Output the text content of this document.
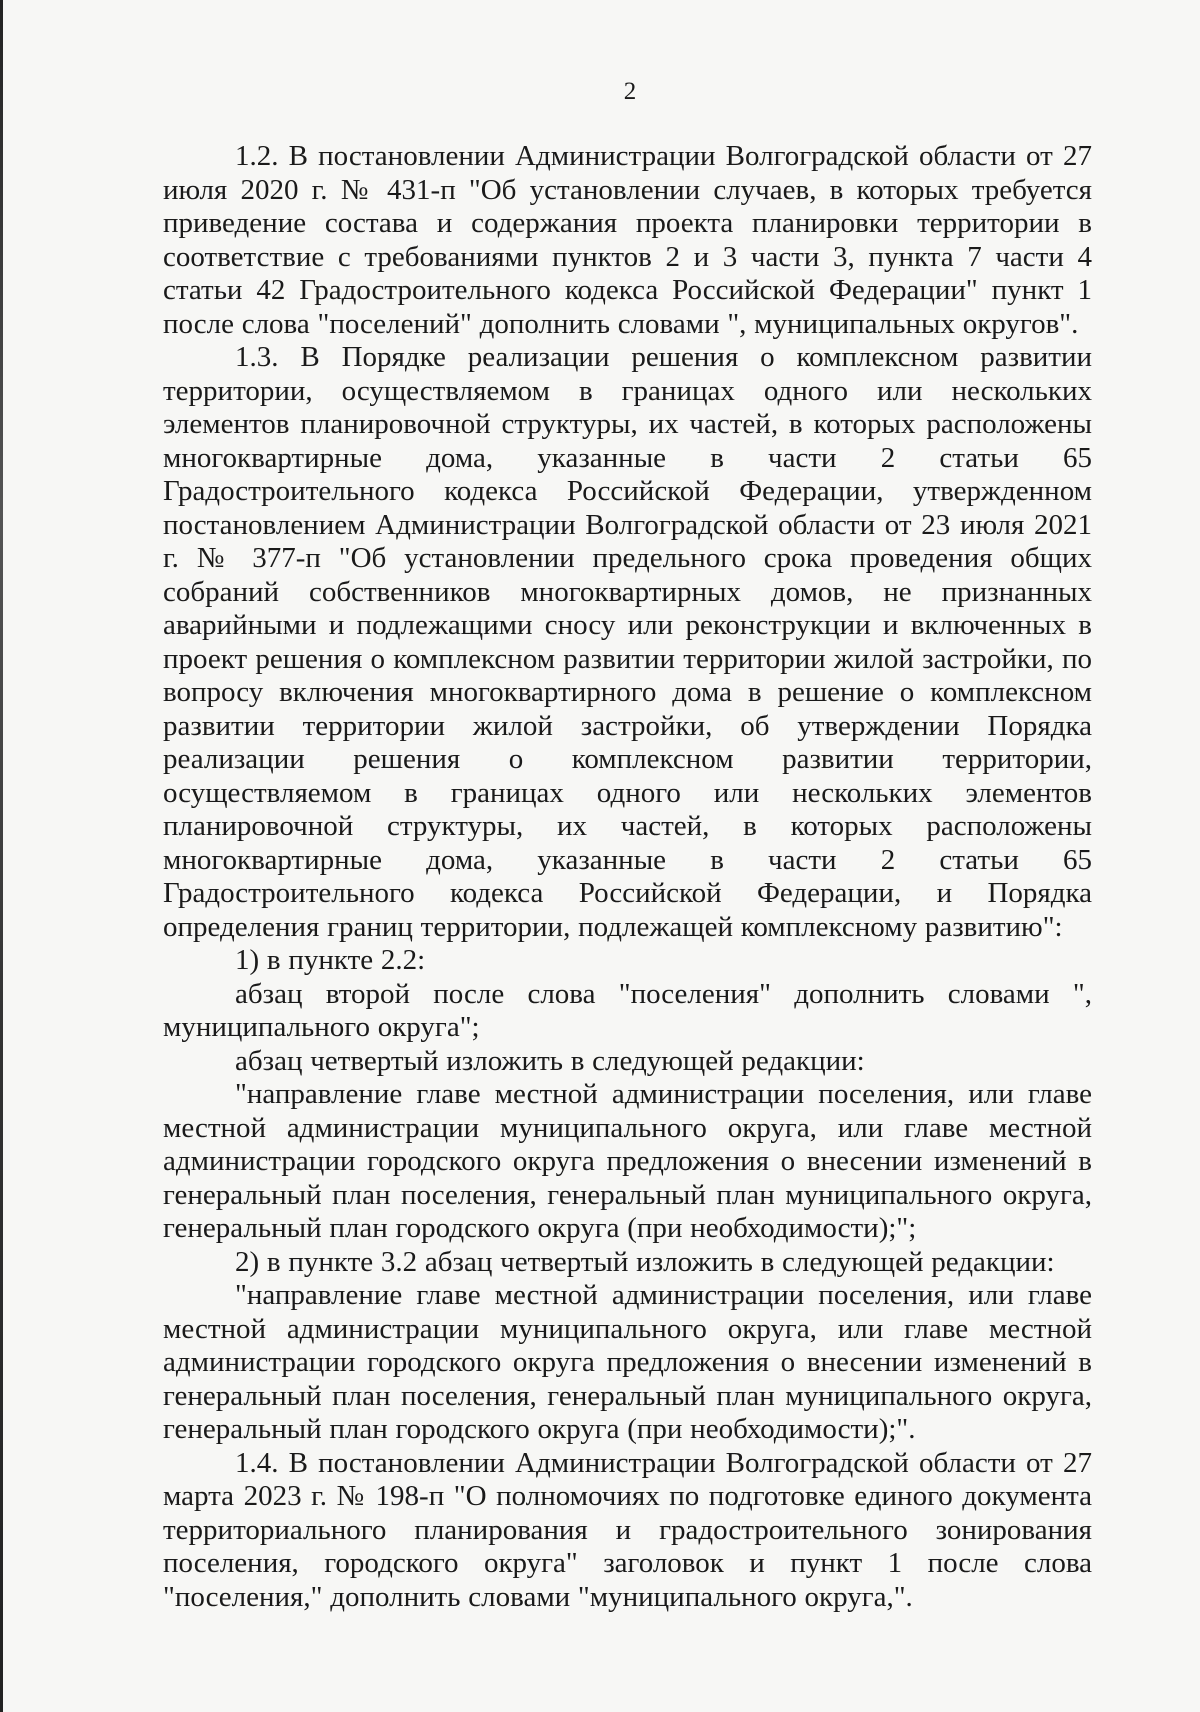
2

1.2. В постановлении Администрации Волгоградской области от 27 июля 2020 г. № 431-п "Об установлении случаев, в которых требуется приведение состава и содержания проекта планировки территории в соответствие с требованиями пунктов 2 и 3 части 3, пункта 7 части 4 статьи 42 Градостроительного кодекса Российской Федерации" пункт 1 после слова "поселений" дополнить словами ", муниципальных округов".

1.3. В Порядке реализации решения о комплексном развитии территории, осуществляемом в границах одного или нескольких элементов планировочной структуры, их частей, в которых расположены многоквартирные дома, указанные в части 2 статьи 65 Градостроительного кодекса Российской Федерации, утвержденном постановлением Администрации Волгоградской области от 23 июля 2021 г. № 377-п "Об установлении предельного срока проведения общих собраний собственников многоквартирных домов, не признанных аварийными и подлежащими сносу или реконструкции и включенных в проект решения о комплексном развитии территории жилой застройки, по вопросу включения многоквартирного дома в решение о комплексном развитии территории жилой застройки, об утверждении Порядка реализации решения о комплексном развитии территории, осуществляемом в границах одного или нескольких элементов планировочной структуры, их частей, в которых расположены многоквартирные дома, указанные в части 2 статьи 65 Градостроительного кодекса Российской Федерации, и Порядка определения границ территории, подлежащей комплексному развитию":

1) в пункте 2.2:

абзац второй после слова "поселения" дополнить словами ", муниципального округа";

абзац четвертый изложить в следующей редакции:

"направление главе местной администрации поселения, или главе местной администрации муниципального округа, или главе местной администрации городского округа предложения о внесении изменений в генеральный план поселения, генеральный план муниципального округа, генеральный план городского округа (при необходимости);";

2) в пункте 3.2 абзац четвертый изложить в следующей редакции:

"направление главе местной администрации поселения, или главе местной администрации муниципального округа, или главе местной администрации городского округа предложения о внесении изменений в генеральный план поселения, генеральный план муниципального округа, генеральный план городского округа (при необходимости);".

1.4. В постановлении Администрации Волгоградской области от 27 марта 2023 г. № 198-п "О полномочиях по подготовке единого документа территориального планирования и градостроительного зонирования поселения, городского округа" заголовок и пункт 1 после слова "поселения," дополнить словами "муниципального округа,".
